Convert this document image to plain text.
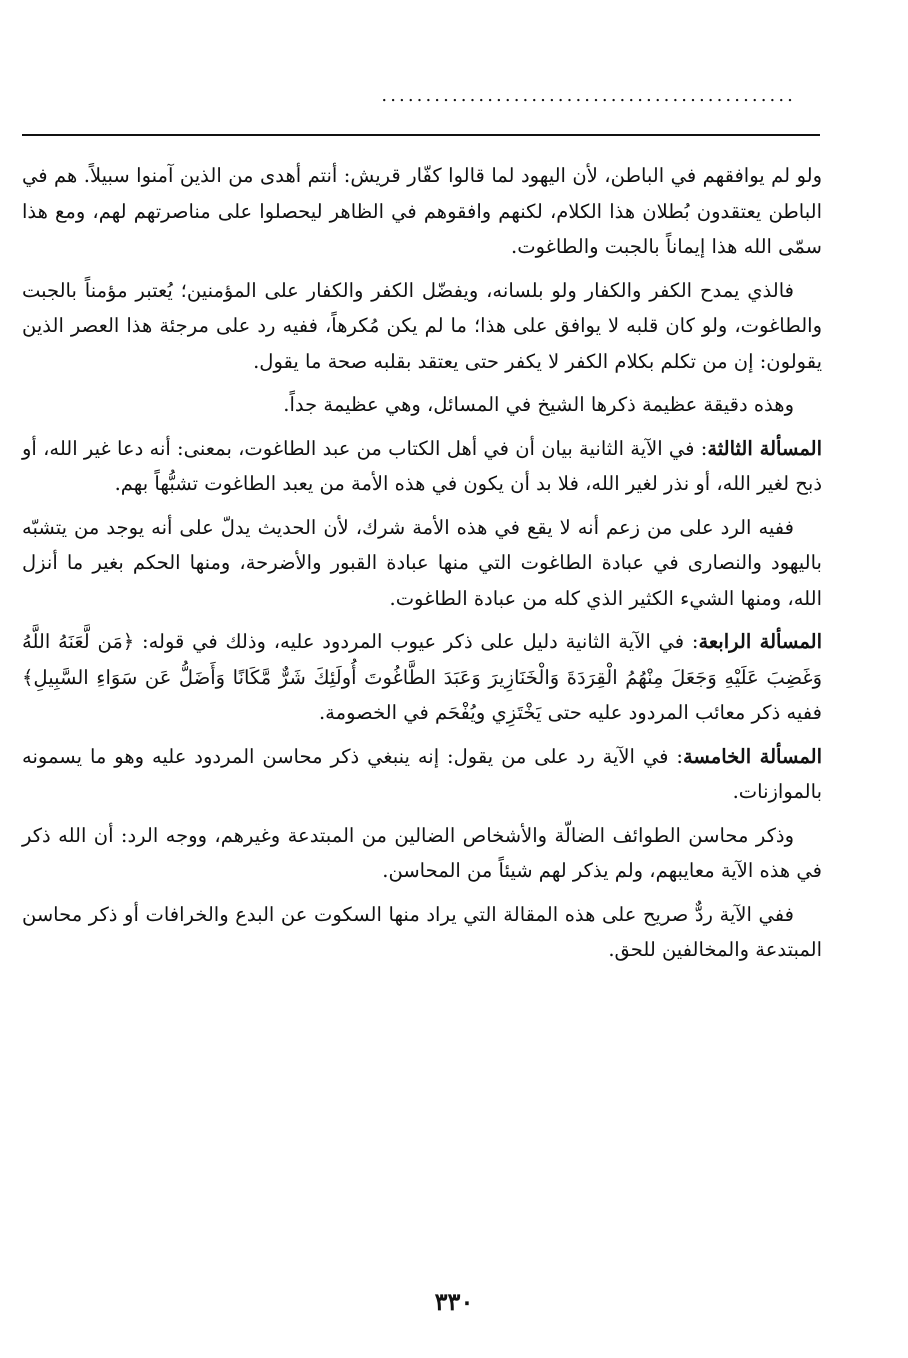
...............................................

ولو لم يوافقهم في الباطن، لأن اليهود لما قالوا كفّار قريش: أنتم أهدى من الذين آمنوا سبيلاً. هم في الباطن يعتقدون بُطلان هذا الكلام، لكنهم وافقوهم في الظاهر ليحصلوا على مناصرتهم لهم، ومع هذا سمّى الله هذا إيماناً بالجبت والطاغوت.

فالذي يمدح الكفر والكفار ولو بلسانه، ويفضّل الكفر والكفار على المؤمنين؛ يُعتبر مؤمناً بالجبت والطاغوت، ولو كان قلبه لا يوافق على هذا؛ ما لم يكن مُكرهاً، ففيه رد على مرجئة هذا العصر الذين يقولون: إن من تكلم بكلام الكفر لا يكفر حتى يعتقد بقلبه صحة ما يقول.

وهذه دقيقة عظيمة ذكرها الشيخ في المسائل، وهي عظيمة جداً.

المسألة الثالثة: في الآية الثانية بيان أن في أهل الكتاب من عبد الطاغوت، بمعنى: أنه دعا غير الله، أو ذبح لغير الله، أو نذر لغير الله، فلا بد أن يكون في هذه الأمة من يعبد الطاغوت تشبُّهاً بهم.

ففيه الرد على من زعم أنه لا يقع في هذه الأمة شرك، لأن الحديث يدلّ على أنه يوجد من يتشبّه باليهود والنصارى في عبادة الطاغوت التي منها عبادة القبور والأضرحة، ومنها الحكم بغير ما أنزل الله، ومنها الشيء الكثير الذي كله من عبادة الطاغوت.

المسألة الرابعة: في الآية الثانية دليل على ذكر عيوب المردود عليه، وذلك في قوله: ﴿مَن لَّعَنَهُ اللَّهُ وَغَضِبَ عَلَيْهِ وَجَعَلَ مِنْهُمُ الْقِرَدَةَ وَالْخَنَازِيرَ وَعَبَدَ الطَّاغُوتَ أُولَئِكَ شَرٌّ مَّكَانًا وَأَضَلُّ عَن سَوَاءِ السَّبِيلِ﴾ ففيه ذكر معائب المردود عليه حتى يَخْتَزِي ويُفْحَم في الخصومة.

المسألة الخامسة: في الآية رد على من يقول: إنه ينبغي ذكر محاسن المردود عليه وهو ما يسمونه بالموازنات.

وذكر محاسن الطوائف الضالّة والأشخاص الضالين من المبتدعة وغيرهم، ووجه الرد: أن الله ذكر في هذه الآية معايبهم، ولم يذكر لهم شيئاً من المحاسن.

ففي الآية ردٌّ صريح على هذه المقالة التي يراد منها السكوت عن البدع والخرافات أو ذكر محاسن المبتدعة والمخالفين للحق.

٣٣٠
